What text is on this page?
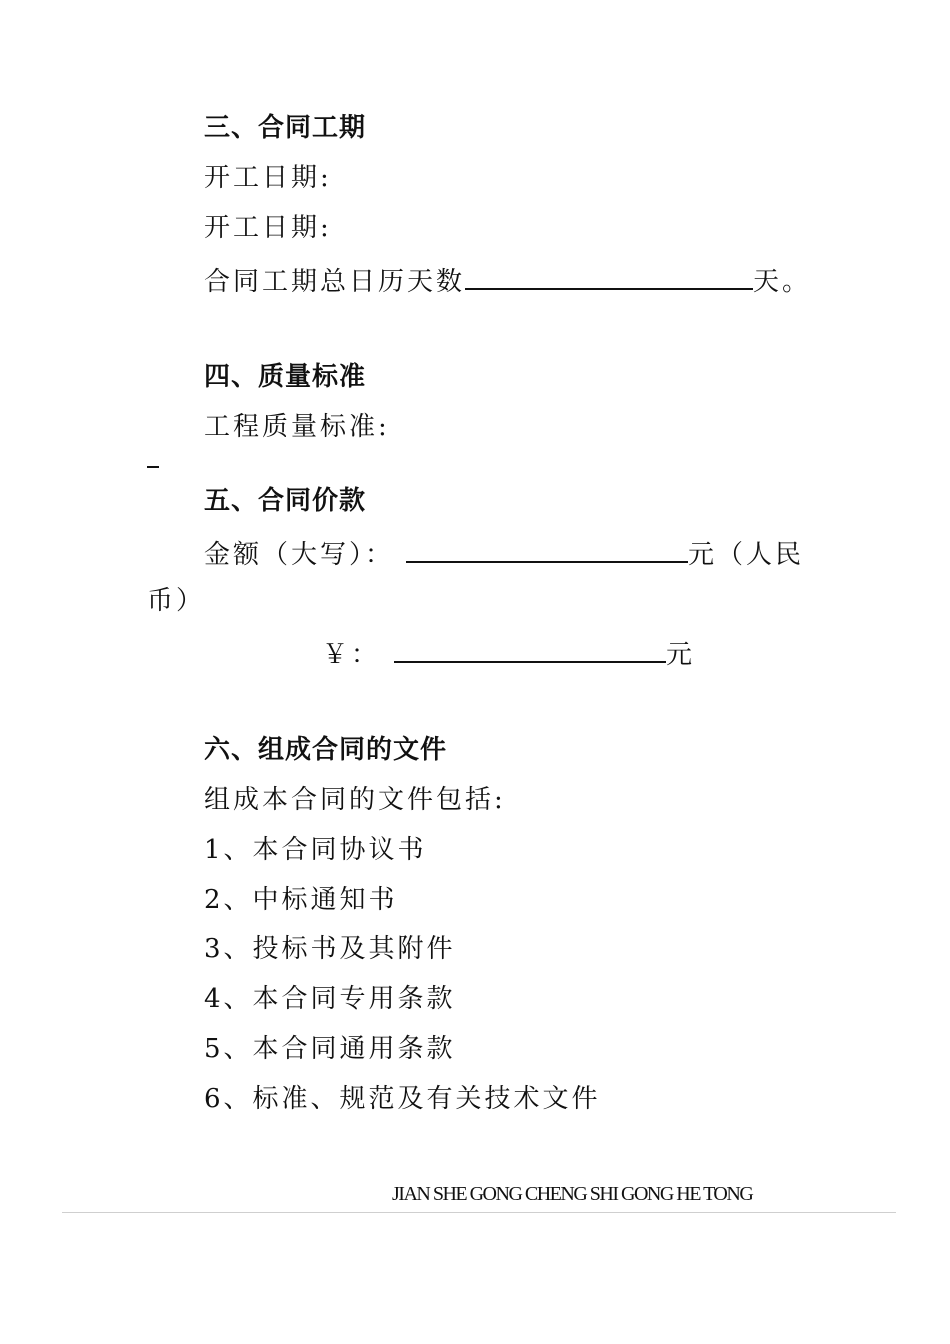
三、合同工期
开工日期:
开工日期:
合同工期总日历天数	天。
四、质量标准
工程质量标准:
五、合同价款
金额（大写）：	元（人民
币）
￥：	元
六、组成合同的文件
组成本合同的文件包括:
1、本合同协议书
2、中标通知书
3、投标书及其附件
4、本合同专用条款
5、本合同通用条款
6、标准、规范及有关技术文件
JIAN SHE GONG CHENG SHI GONG HE TONG
